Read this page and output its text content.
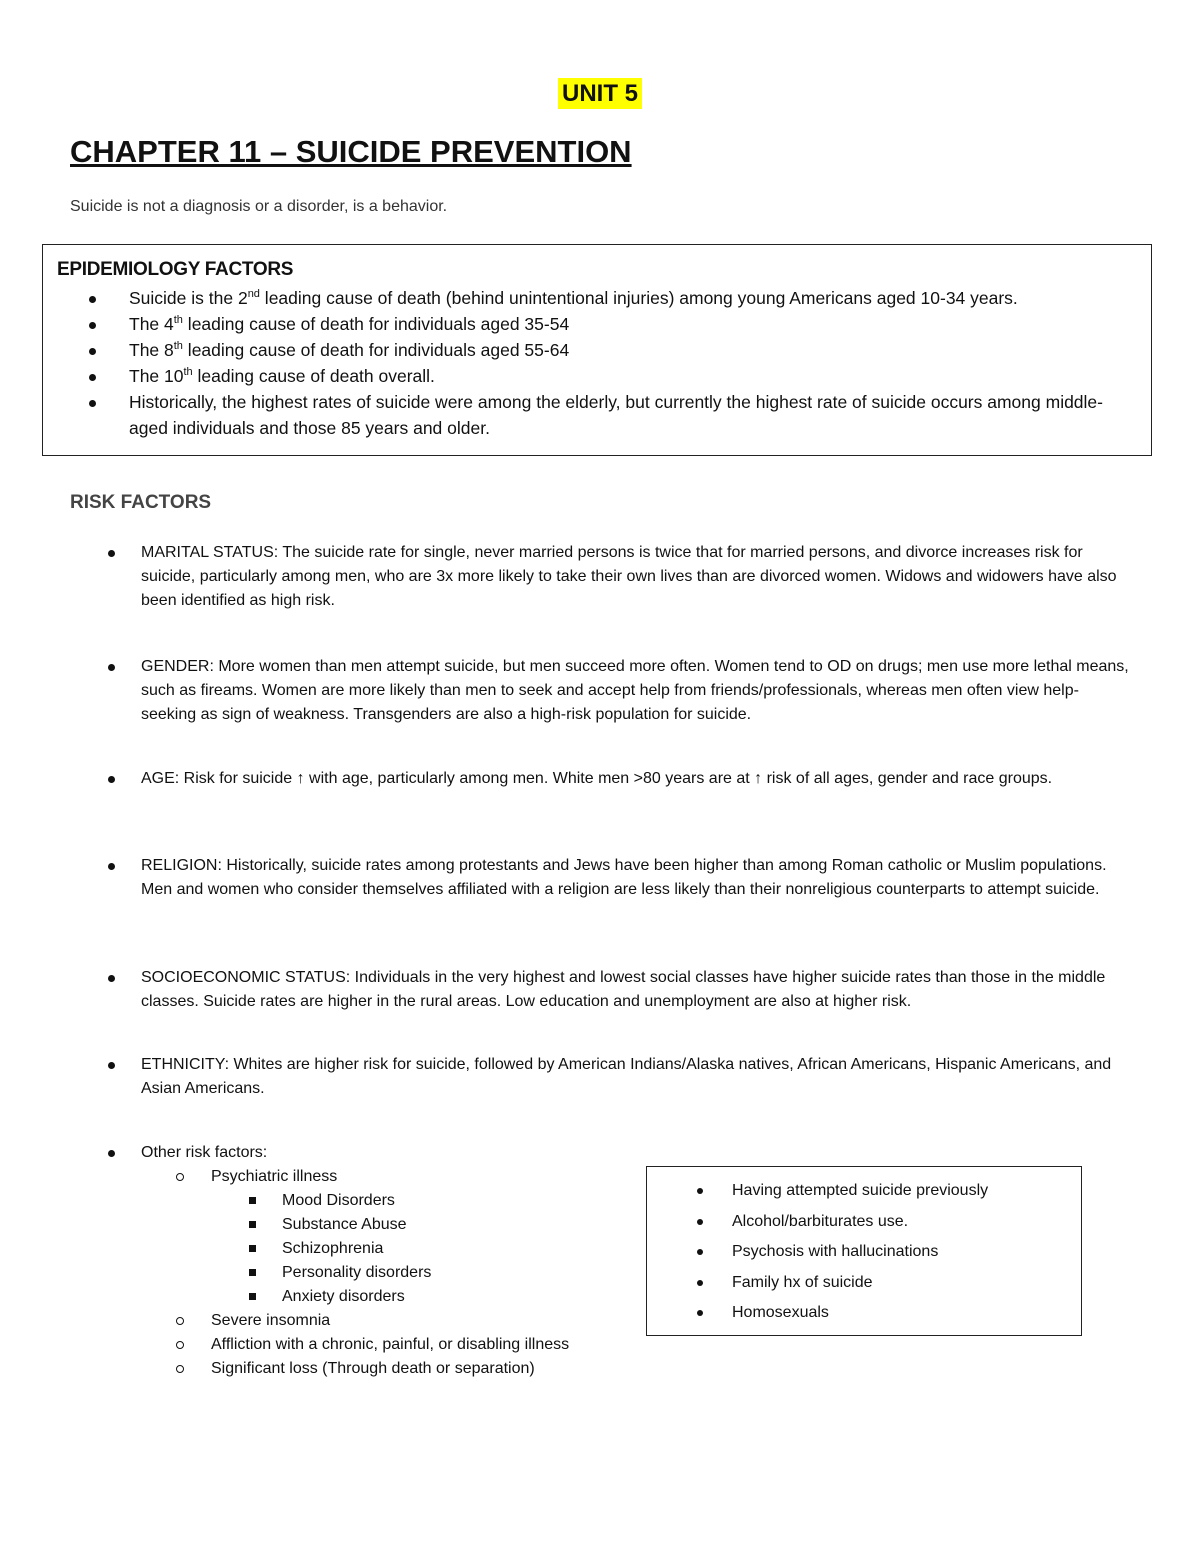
UNIT 5
CHAPTER 11 – SUICIDE PREVENTION
Suicide is not a diagnosis or a disorder, is a behavior.
EPIDEMIOLOGY FACTORS
Suicide is the 2nd leading cause of death (behind unintentional injuries) among young Americans aged 10-34 years.
The 4th leading cause of death for individuals aged 35-54
The 8th leading cause of death for individuals aged 55-64
The 10th leading cause of death overall.
Historically, the highest rates of suicide were among the elderly, but currently the highest rate of suicide occurs among middle-aged individuals and those 85 years and older.
RISK FACTORS
MARITAL STATUS: The suicide rate for single, never married persons is twice that for married persons, and divorce increases risk for suicide, particularly among men, who are 3x more likely to take their own lives than are divorced women. Widows and widowers have also been identified as high risk.
GENDER: More women than men attempt suicide, but men succeed more often. Women tend to OD on drugs; men use more lethal means, such as fireams. Women are more likely than men to seek and accept help from friends/professionals, whereas men often view help-seeking as sign of weakness. Transgenders are also a high-risk population for suicide.
AGE: Risk for suicide ↑ with age, particularly among men. White men >80 years are at ↑ risk of all ages, gender and race groups.
RELIGION: Historically, suicide rates among protestants and Jews have been higher than among Roman catholic or Muslim populations. Men and women who consider themselves affiliated with a religion are less likely than their nonreligious counterparts to attempt suicide.
SOCIOECONOMIC STATUS: Individuals in the very highest and lowest social classes have higher suicide rates than those in the middle classes. Suicide rates are higher in the rural areas. Low education and unemployment are also at higher risk.
ETHNICITY: Whites are higher risk for suicide, followed by American Indians/Alaska natives, African Americans, Hispanic Americans, and Asian Americans.
Other risk factors:
Psychiatric illness
Mood Disorders
Substance Abuse
Schizophrenia
Personality disorders
Anxiety disorders
Severe insomnia
Affliction with a chronic, painful, or disabling illness
Significant loss (Through death or separation)
Having attempted suicide previously
Alcohol/barbiturates use.
Psychosis with hallucinations
Family hx of suicide
Homosexuals
